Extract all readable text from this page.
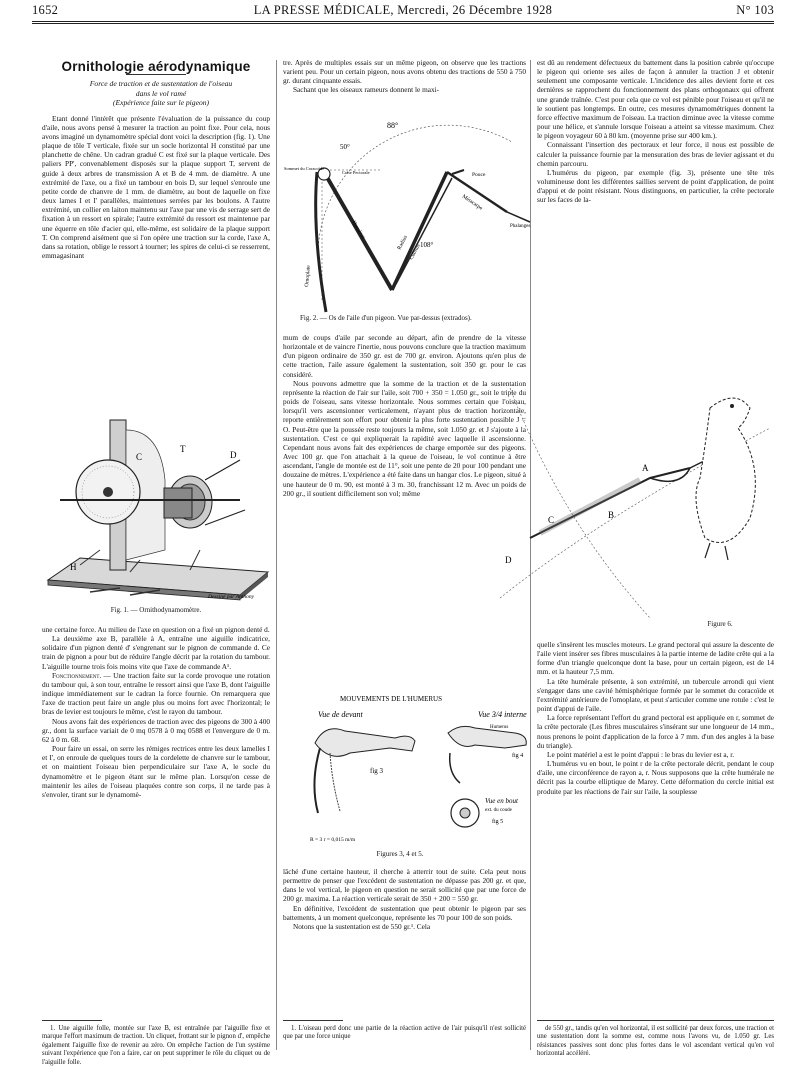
1652	LA PRESSE MÉDICALE, Mercredi, 26 Décembre 1928	N° 103
Ornithologie aérodynamique

Force de traction et de sustentation de l'oiseau

dans le vol ramé

(Expérience faite sur le pigeon)

Etant donné l'intérêt que présente l'évaluation de la puissance du coup d'aile, nous avons pensé à mesurer la traction au point fixe. Pour cela, nous avons imaginé un dynamomètre spécial dont voici la description (fig. 1). Une plaque de tôle T verticale, fixée sur un socle horizontal H constitué par une planchette de chêne. Un cadran gradué C est fixé sur la plaque verticale. Des paliers PP', convenablement disposés sur la plaque support T, servent de guide à deux arbres de transmission A et B de 4 mm. de diamètre. A une extrémité de l'axe, ou a fixé un tambour en bois D, sur lequel s'enroule une petite corde de chanvre de 1 mm. de diamètre, au bout de laquelle on fixe deux lames I et I' parallèles, maintenues serrées par les boulons. A l'autre extrémité, un collier en laiton maintenu sur l'axe par une vis de serrage sert de fixation à un ressort en spirale; l'autre extrémité du ressort est maintenue par une équerre en tôle d'acier qui, elle-même, est solidaire de la plaque support T. On comprend aisément que si l'on opère une traction sur la corde, l'axe A, dans sa rotation, oblige le ressort à tourner; les spires de celui-ci se resserrent, emmagasinant

T
D
C
H
Dessiné par Anthony
Fig. 1. — Ornithodynamomètre.

une certaine force. Au milieu de l'axe en question on a fixé un pignon denté d.

La deuxième axe B, parallèle à A, entraîne une aiguille indicatrice, solidaire d'un pignon denté d' s'engrenant sur le pignon de commande d. Ce train de pignon a pour but de réduire l'angle décrit par la rotation du tambour. L'aiguille tourne trois fois moins vite que l'axe de commande A¹.

Fonctionnement. — Une traction faite sur la corde provoque une rotation du tambour qui, à son tour, entraîne le ressort ainsi que l'axe B, dont l'aiguille indique immédiatement sur le cadran la force fournie. On remarquera que l'axe de traction peut faire un angle plus ou moins fort avec l'horizontal; le bras de levier est toujours le même, c'est le rayon du tambour.

Nous avons fait des expériences de traction avec des pigeons de 300 à 400 gr., dont la surface variait de 0 mq 0578 à 0 mq 0588 et l'envergure de 0 m. 62 à 0 m. 68.

Pour faire un essai, on serre les rémiges rectrices entre les deux lamelles I et I', on enroule de quelques tours de la cordelette de chanvre sur le tambour, et on maintient l'oiseau bien perpendiculaire sur l'axe A, le socle du dynamomètre et le pigeon étant sur le même plan. Lorsqu'on cesse de maintenir les ailes de l'oiseau plaquées contre son corps, il ne tarde pas à s'envoler, tirant sur le dynamomè-

1. Une aiguille folle, montée sur l'axe B, est entraînée par l'aiguille fixe et marque l'effort maximum de traction. Un cliquet, frottant sur le pignon d', empêche également l'aiguille fixe de revenir au zéro. On empêche l'action de l'un système suivant l'expérience que l'on a faire, car on peut supprimer le rôle du cliquet ou de l'aiguille folle.

tre. Après de multiples essais sur un même pigeon, on observe que les tractions varient peu. Pour un certain pigeon, nous avons obtenu des tractions de 550 à 750 gr. durant cinquante essais.

Sachant que les oiseaux rameurs donnent le maxi-

88°
50°
108°
Crête Pectorale
Sommet du Coracoïde
Humérus
Radius
Cubitus
Métacarpe
Pouce
Phalanges
Omoplate
Fig. 2. — Os de l'aile d'un pigeon. Vue par-dessus (extrados).

mum de coups d'aile par seconde au départ, afin de prendre de la vitesse horizontale et de vaincre l'inertie, nous pouvons conclure que la traction maximum d'un pigeon ordinaire de 350 gr. est de 700 gr. environ. Ajoutons qu'en plus de cette traction, l'aile assure également la sustentation, soit 350 gr. pour le cas considéré.

Nous pouvons admettre que la somme de la traction et de la sustentation représente la réaction de l'air sur l'aile, soit 700 + 350 = 1.050 gr., soit le triple du poids de l'oiseau, sans vitesse horizontale. Nous sommes certain que l'oiseau, lorsqu'il vers ascensionner verticalement, n'ayant plus de traction horizontale, reporte entièrement son effort pour obtenir la plus forte sustentation possible J = O. Peut-être que la poussée reste toujours la même, soit 1.050 gr. et J s'ajoute à la sustentation. C'est ce qui expliquerait la rapidité avec laquelle il ascensionne. Cependant nous avons fait des expériences de charge emportée sur des pigeons. Avec 100 gr. que l'on attachait à la queue de l'oiseau, le vol continue à être ascendant, l'angle de montée est de 11°, soit une pente de 20 pour 100 pendant une douzaine de mètres. L'expérience a été faite dans un hangar clos. Le pigeon, situé à une hauteur de 0 m. 90, est monté à 3 m. 30, franchissant 12 m. Avec un poids de 200 gr., il soutient difficilement son vol; même

MOUVEMENTS DE L'HUMERUS
Vue de devant	Vue 3/4 interne
fig 3
R = 3 r = 0,015 m/m
Humerus
fig 4
Vue en bout
ext. du coude
fig 5
Figures 3, 4 et 5.

lâché d'une certaine hauteur, il cherche à atterrir tout de suite. Cela peut nous permettre de penser que l'excédent de sustentation ne dépasse pas 200 gr. et que, dans le vol vertical, le pigeon en question ne serait sollicité que par une force de 200 gr. maxima. La réaction verticale serait de 350 + 200 = 550 gr.

En définitive, l'excédent de sustentation que peut obtenir le pigeon par ses battements, à un moment quelconque, représente les 70 pour 100 de son poids.

Notons que la sustentation est de 550 gr.¹. Cela

1. L'oiseau perd donc une partie de la réaction active de l'air puisqu'il n'est sollicité que par une force unique

est dû au rendement défectueux du battement dans la position cabrée qu'occupe le pigeon qui oriente ses ailes de façon à annuler la traction J et obtenir seulement une composante verticale. L'incidence des ailes devient forte et ces dernières se rapprochent du fonctionnement des plans orthogonaux qui offrent une grande traînée. C'est pour cela que ce vol est pénible pour l'oiseau et qu'il ne le soutient pas longtemps. En outre, ces mesures dynamométriques donnent la force effective maximum de l'oiseau. La traction diminue avec la vitesse comme pour une hélice, et s'annule lorsque l'oiseau a atteint sa vitesse maximum. Chez le pigeon voyageur 60 à 80 km. (moyenne prise sur 400 km.).

Connaissant l'insertion des pectoraux et leur force, il nous est possible de calculer la puissance fournie par la mensuration des bras de levier agissant et du chemin parcouru.

L'humérus du pigeon, par exemple (fig. 3), présente une tête très volumineuse dont les différentes saillies servent de point d'application, de point d'appui et de point résistant. Nous distinguons, en particulier, la crête pectorale sur les faces de la-

A
B
C
D
Figure 6.

quelle s'insèrent les muscles moteurs. Le grand pectoral qui assure la descente de l'aile vient insérer ses fibres musculaires à la partie interne de ladite crête qui a la forme d'un triangle quelconque dont la base, pour un certain pigeon, est de 14 mm. et la hauteur 7,5 mm.

La tête humérale présente, à son extrémité, un tubercule arrondi qui vient s'engager dans une cavité hémisphérique formée par le sommet du coracoïde et l'extrémité antérieure de l'omoplate, et peut s'articuler comme une rotule : c'est le point d'appui de l'aile.

La force représentant l'effort du grand pectoral est appliquée en r, sommet de la crête pectorale (Les fibres musculaires s'insérant sur une longueur de 14 mm., nous prenons le point d'application de la force à 7 mm. d'un des angles à la base du triangle).

Le point matériel a est le point d'appui : le bras du levier est a, r.

L'humérus vu en bout, le point r de la crête pectorale décrit, pendant le coup d'aile, une circonférence de rayon a, r. Nous supposons que la crête humérale ne décrit pas la courbe elliptique de Marey. Cette déformation du cercle initial est produite par les réactions de l'air sur l'aile, la souplesse

de 550 gr., tandis qu'en vol horizontal, il est sollicité par deux forces, une traction et une sustentation dont la somme est, comme nous l'avons vu, de 1.050 gr. Les résistances passives sont donc plus fortes dans le vol ascendant vertical qu'en vol horizontal accéléré.
